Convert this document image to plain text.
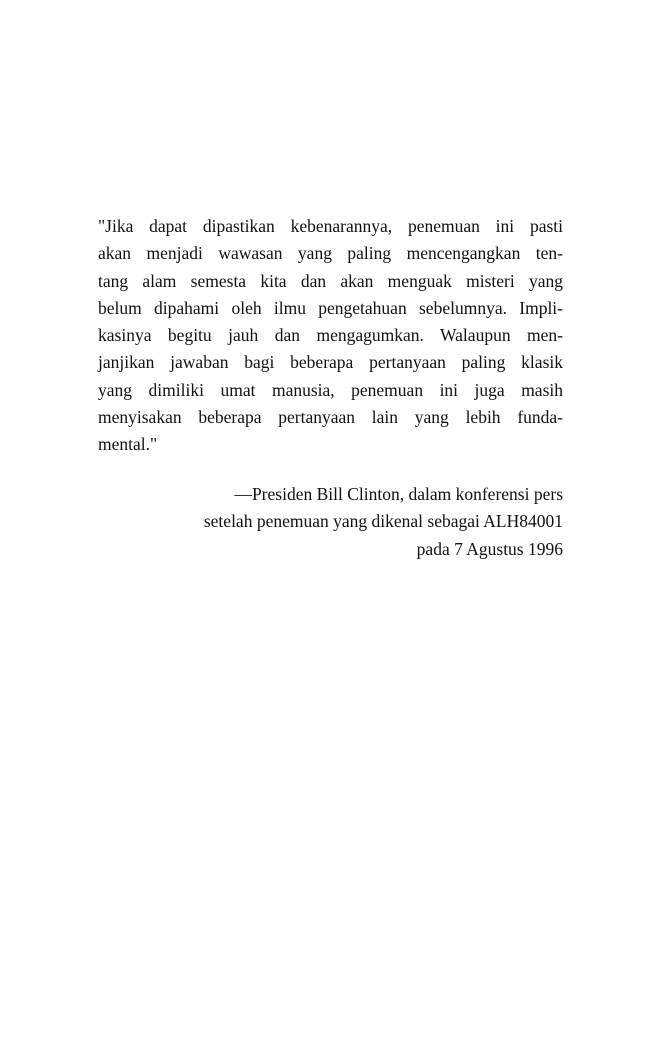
"Jika dapat dipastikan kebenarannya, penemuan ini pasti
akan menjadi wawasan yang paling mencengangkan ten-
tang alam semesta kita dan akan menguak misteri yang
belum dipahami oleh ilmu pengetahuan sebelumnya. Impli-
kasinya begitu jauh dan mengagumkan. Walaupun men-
janjikan jawaban bagi beberapa pertanyaan paling klasik
yang dimiliki umat manusia, penemuan ini juga masih
menyisakan beberapa pertanyaan lain yang lebih funda-
mental."
—Presiden Bill Clinton, dalam konferensi pers
setelah penemuan yang dikenal sebagai ALH84001
pada 7 Agustus 1996
